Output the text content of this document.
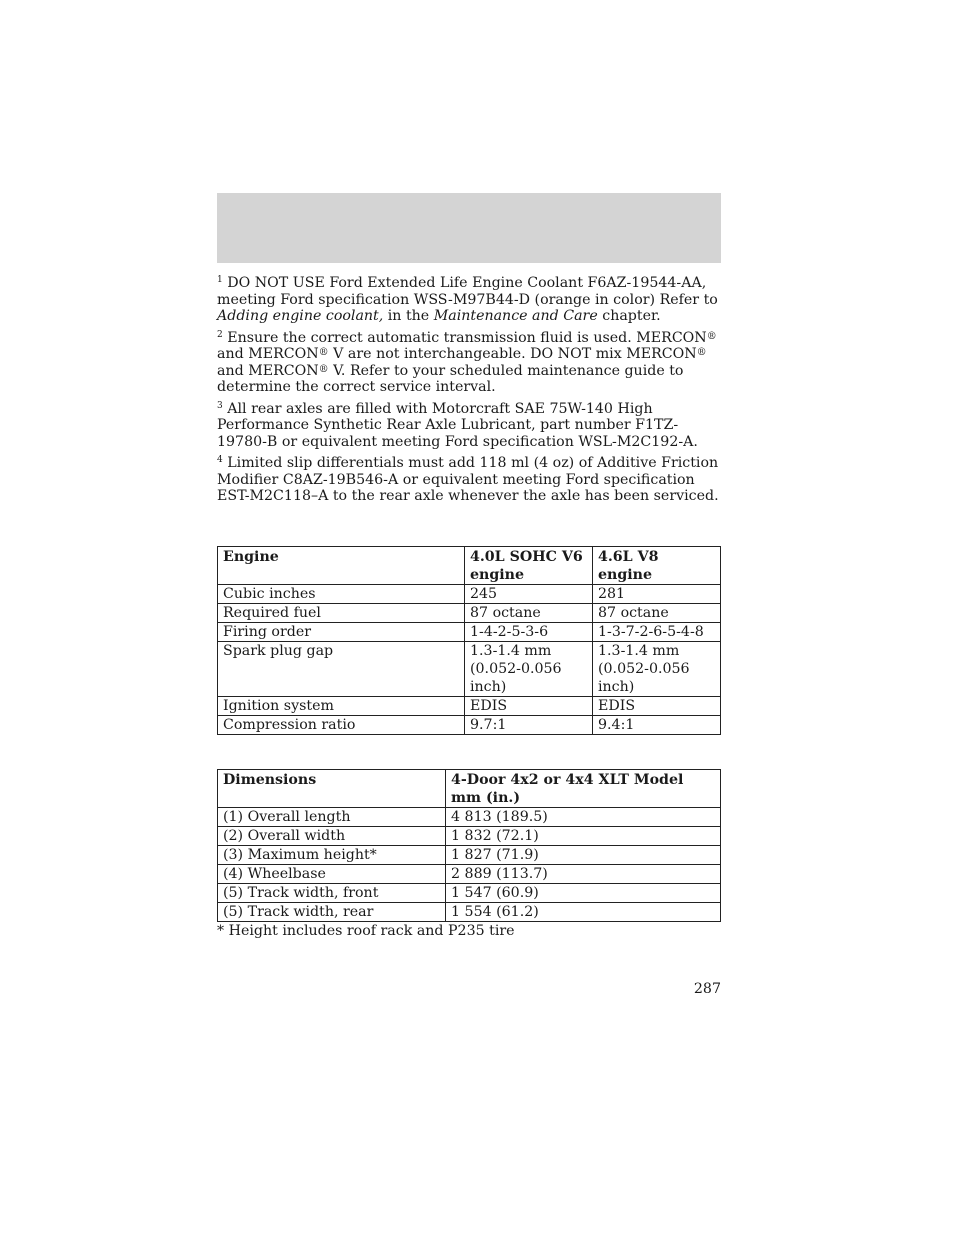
$^1$ DO NOT USE Ford Extended Life Engine Coolant F6AZ-19544-AA, meeting Ford specification WSS-M97B44-D (orange in color) Refer to Adding engine coolant, in the Maintenance and Care chapter.

$^2$ Ensure the correct automatic transmission fluid is used. MERCON® and MERCON® V are not interchangeable. DO NOT mix MERCON® and MERCON® V. Refer to your scheduled maintenance guide to determine the correct service interval.

$^3$ All rear axles are filled with Motorcraft SAE 75W-140 High Performance Synthetic Rear Axle Lubricant, part number F1TZ-19780-B or equivalent meeting Ford specification WSL-M2C192-A.

$^4$ Limited slip differentials must add 118 ml (4 oz) of Additive Friction Modifier C8AZ-19B546-A or equivalent meeting Ford specification EST-M2C118–A to the rear axle whenever the axle has been serviced.

Engine	4.0L SOHC V6 engine	4.6L V8 engine
Cubic inches	245	281
Required fuel	87 octane	87 octane
Firing order	1-4-2-5-3-6	1-3-7-2-6-5-4-8
Spark plug gap	1.3-1.4 mm (0.052-0.056 inch)	1.3-1.4 mm (0.052-0.056 inch)
Ignition system	EDIS	EDIS
Compression ratio	9.7:1	9.4:1
Dimensions	4-Door 4x2 or 4x4 XLT Model mm (in.)
(1) Overall length	4 813 (189.5)
(2) Overall width	1 832 (72.1)
(3) Maximum height*	1 827 (71.9)
(4) Wheelbase	2 889 (113.7)
(5) Track width, front	1 547 (60.9)
(5) Track width, rear	1 554 (61.2)
* Height includes roof rack and P235 tire
287
